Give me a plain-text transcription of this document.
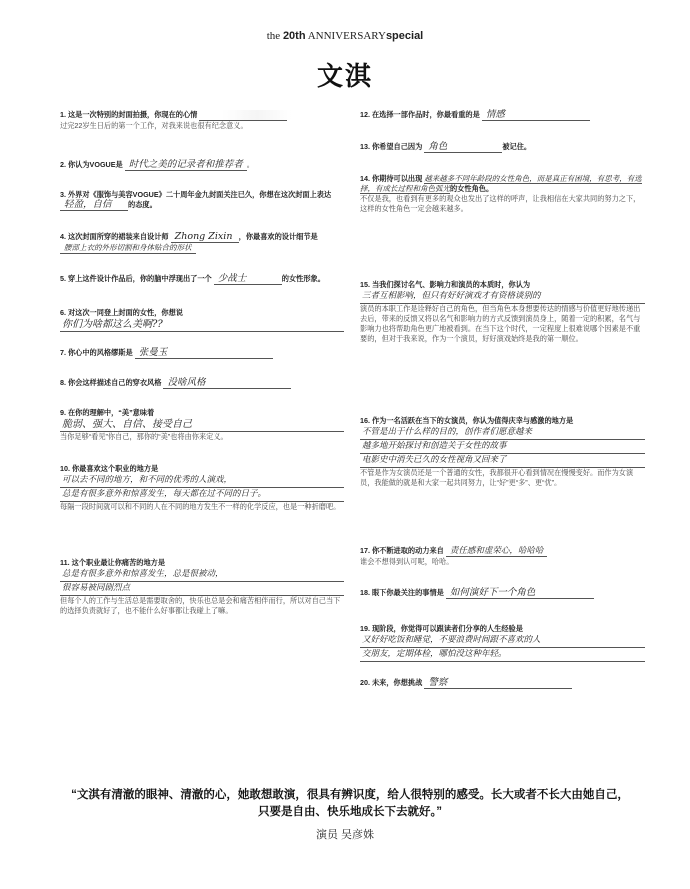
the 20th ANNIVERSARYspecial
文淇
1. 这是一次特别的封面拍摄，你现在的心情
过完22岁生日后的第一个工作，对我来说也很有纪念意义。
2. 你认为VOGUE是 时代之美的记录者和推荐者 。
3. 外界对《服饰与美容VOGUE》二十周年金九封面关注已久，你想在这次封面上表达 轻盈，自信 的态度。
4. 这次封面所穿的裙装来自设计师 Zhong Zixin ，你最喜欢的设计细节是 腰部上衣的外形切割和身体贴合的形状
5. 穿上这件设计作品后，你的脑中浮现出了一个 少战士	的女性形象。
6. 对这次一同登上封面的女性，你想说
你们为啥都这么美啊??
7. 你心中的风格缪斯是 张曼玉
8. 你会这样描述自己的穿衣风格 没啥风格
9. 在你的理解中，“美”意味着
脆弱、强大、自信、接受自己
当你足够“看见”你自己，那你的“美”也将由你来定义。
10. 你最喜欢这个职业的地方是
可以去不同的地方，和不同的优秀的人演戏，
总是有很多意外和惊喜发生，每天都在过不同的日子。
每隔一段时间就可以和不同的人在不同的地方发生不一样的化学反应，也是一种折磨吧。
11. 这个职业最让你痛苦的地方是
总是有很多意外和惊喜发生，总是很被动，
很容易被同剧烈点
但每个人的工作与生活总是需要取舍的，快乐也总是会和痛苦相伴而行，所以对自己当下的选择负责就好了，也不能什么好事都让我碰上了嘛。
12. 在选择一部作品时，你最看重的是 情感
13. 你希望自己因为 角色	被记住。
14. 你期待可以出现 越来越多不同年龄段的女性角色，而是真正有困境，有思考，有选择，有成长过程和角色弧光的女性角色。
不仅是我，也看到有更多的观众也发出了这样的呼声，让我相信在大家共同的努力之下，这样的女性角色一定会越来越多。
15. 当我们探讨名气、影响力和演员的本质时，你认为
三者互相影响，但只有好好演戏才有资格谈别的
演员的本职工作是诠释好自己的角色，但当角色本身想要传达的情感与价值更好地传递出去后，带来的反馈又将以名气和影响力的方式反馈到演员身上，随着一定的积累，名气与影响力也将帮助角色更广地被看到。在当下这个时代，一定程度上很难说哪个因素是不重要的，但对于我来说，作为一个演员，好好演戏始终是我的第一顺位。
16. 作为一名活跃在当下的女演员，你认为值得庆幸与感激的地方是
不管是出于什么样的目的，创作者们愿意越来
越多地开始探讨和创造关于女性的故事
电影史中消失已久的女性视角又回来了
不管是作为女演员还是一个普通的女性，我都很开心看到情况在慢慢变好。而作为女演员，我能做的就是和大家一起共同努力，让“好”更“多”、更“优”。
17. 你不断进取的动力来自 责任感和虚荣心，哈哈哈
谁会不想得到认可呢，哈哈。
18. 眼下你最关注的事情是 如何演好下一个角色
19. 现阶段，你觉得可以跟读者们分享的人生经验是
又好好吃饭和睡觉，不要浪费时间跟不喜欢的人
交朋友，定期体检，哪怕没这种年轻。
20. 未来，你想挑战 警察
“文淇有清澈的眼神、清澈的心，她敢想敢演，很具有辨识度，给人很特别的感受。长大或者不长大由她自己，
只要是自由、快乐地成长下去就好。”
演员 吴彦姝
